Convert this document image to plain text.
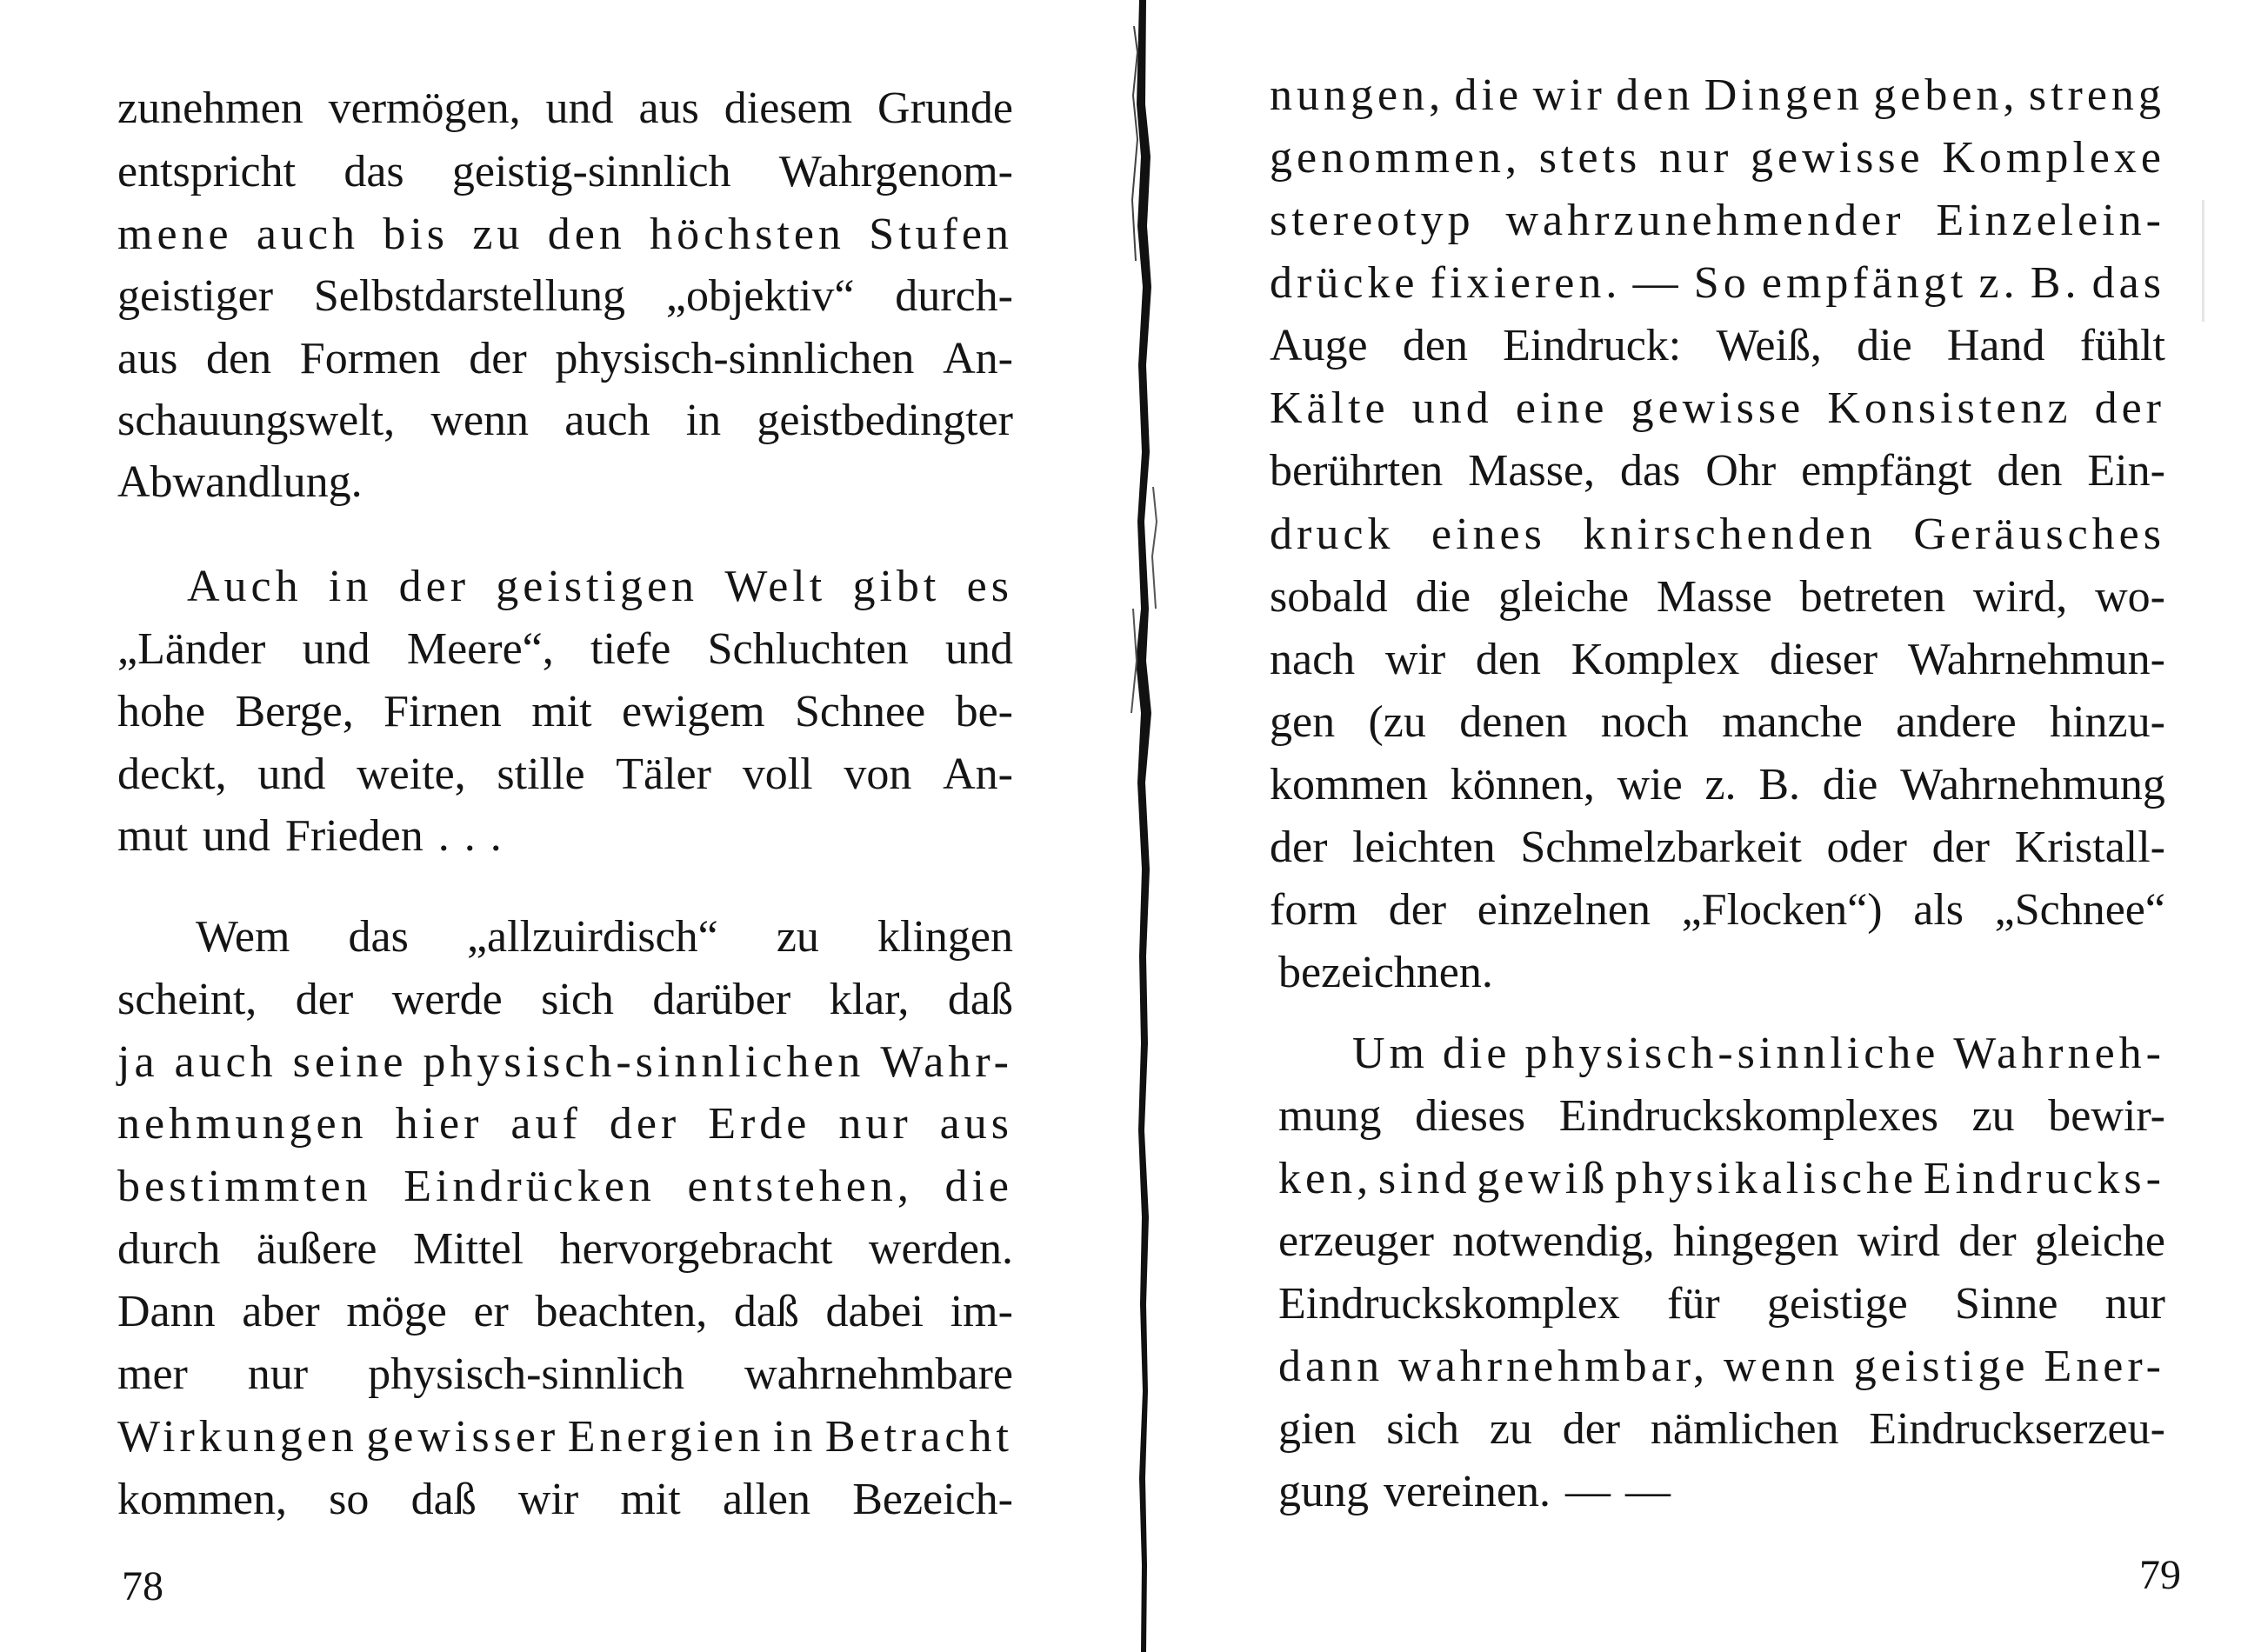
zunehmen vermögen, und aus diesem Grunde
entspricht das geistig-sinnlich Wahrgenom-
mene auch bis zu den höchsten Stufen
geistiger Selbstdarstellung „objektiv“ durch-
aus den Formen der physisch-sinnlichen An-
schauungswelt, wenn auch in geistbedingter
Abwandlung.
Auch in der geistigen Welt gibt es
„Länder und Meere“, tiefe Schluchten und
hohe Berge, Firnen mit ewigem Schnee be-
deckt, und weite, stille Täler voll von An-
mut und Frieden . . .
Wem das „allzuirdisch“ zu klingen
scheint, der werde sich darüber klar, daß
ja auch seine physisch-sinnlichen Wahr-
nehmungen hier auf der Erde nur aus
bestimmten Eindrücken entstehen, die
durch äußere Mittel hervorgebracht werden.
Dann aber möge er beachten, daß dabei im-
mer nur physisch-sinnlich wahrnehmbare
Wirkungen gewisser Energien in Betracht
kommen, so daß wir mit allen Bezeich-
78
nungen, die wir den Dingen geben, streng
genommen, stets nur gewisse Komplexe
stereotyp wahrzunehmender Einzelein-
drücke fixieren. — So empfängt z. B. das
Auge den Eindruck: Weiß, die Hand fühlt
Kälte und eine gewisse Konsistenz der
berührten Masse, das Ohr empfängt den Ein-
druck eines knirschenden Geräusches
sobald die gleiche Masse betreten wird, wo-
nach wir den Komplex dieser Wahrnehmun-
gen (zu denen noch manche andere hinzu-
kommen können, wie z. B. die Wahrnehmung
der leichten Schmelzbarkeit oder der Kristall-
form der einzelnen „Flocken“) als „Schnee“
bezeichnen.
Um die physisch-sinnliche Wahrneh-
mung dieses Eindruckskomplexes zu bewir-
ken, sind gewiß physikalische Eindrucks-
erzeuger notwendig, hingegen wird der gleiche
Eindruckskomplex für geistige Sinne nur
dann wahrnehmbar, wenn geistige Ener-
gien sich zu der nämlichen Eindruckserzeu-
gung vereinen. — —
79
